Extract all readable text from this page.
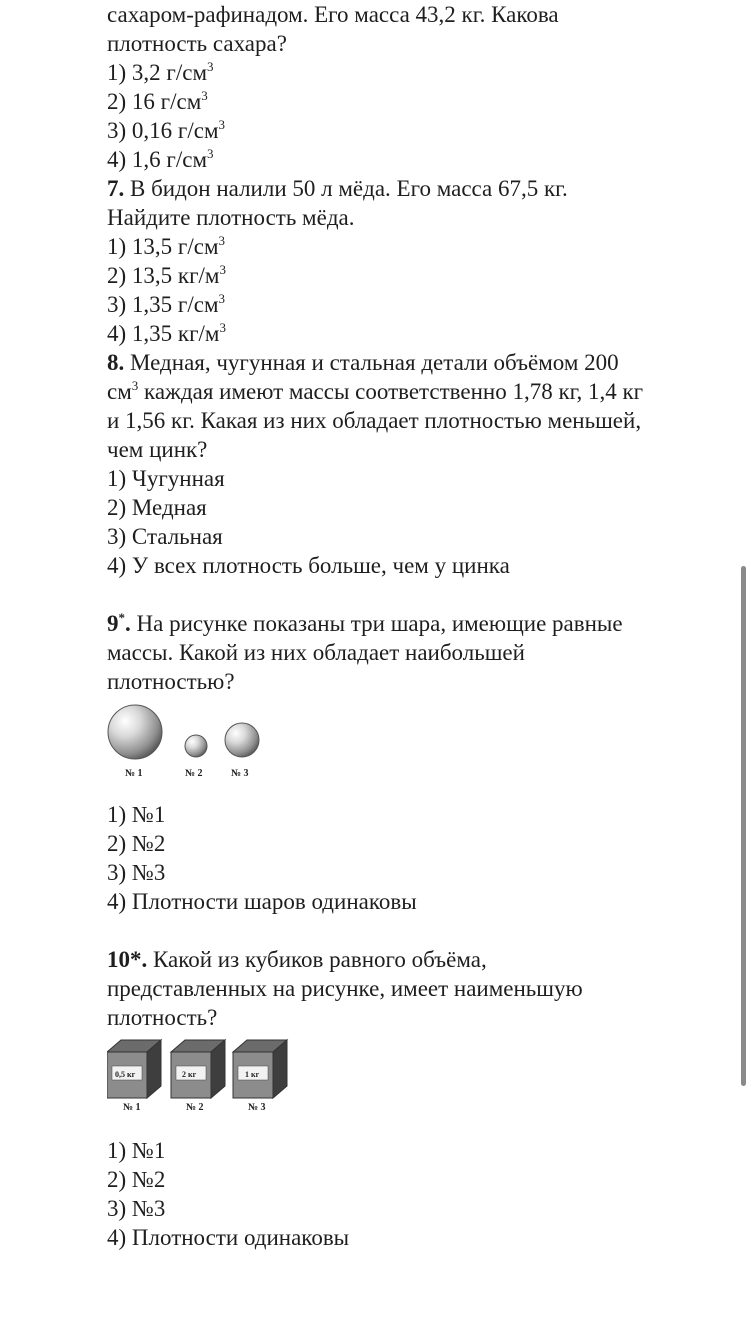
сахаром-рафинадом. Его масса 43,2 кг. Какова
плотность сахара?
1) 3,2 $г/см^3$
2) 16 $г/см^3$
3) 0,16 $г/см^3$
4) 1,6 $г/см^3$
7. В бидон налили 50 л мёда. Его масса 67,5 кг.
Найдите плотность мёда.
1) 13,5 $г/см^3$
2) 13,5 $кг/м^3$
3) 1,35 $г/см^3$
4) 1,35 $кг/м^3$
8. Медная, чугунная и стальная детали объёмом 200
$см^3$ каждая имеют массы соответственно 1,78 кг, 1,4 кг
и 1,56 кг. Какая из них обладает плотностью меньшей,
чем цинк?
1) Чугунная
2) Медная
3) Стальная
4) У всех плотность больше, чем у цинка
9*. На рисунке показаны три шара, имеющие равные
массы. Какой из них обладает наибольшей
плотностью?
№ 1	№ 2	№ 3
1) №1
2) №2
3) №3
4) Плотности шаров одинаковы
10*. Какой из кубиков равного объёма,
представленных на рисунке, имеет наименьшую
плотность?
0,5 кг	2 кг	1 кг
№ 1	№ 2	№ 3
1) №1
2) №2
3) №3
4) Плотности одинаковы
